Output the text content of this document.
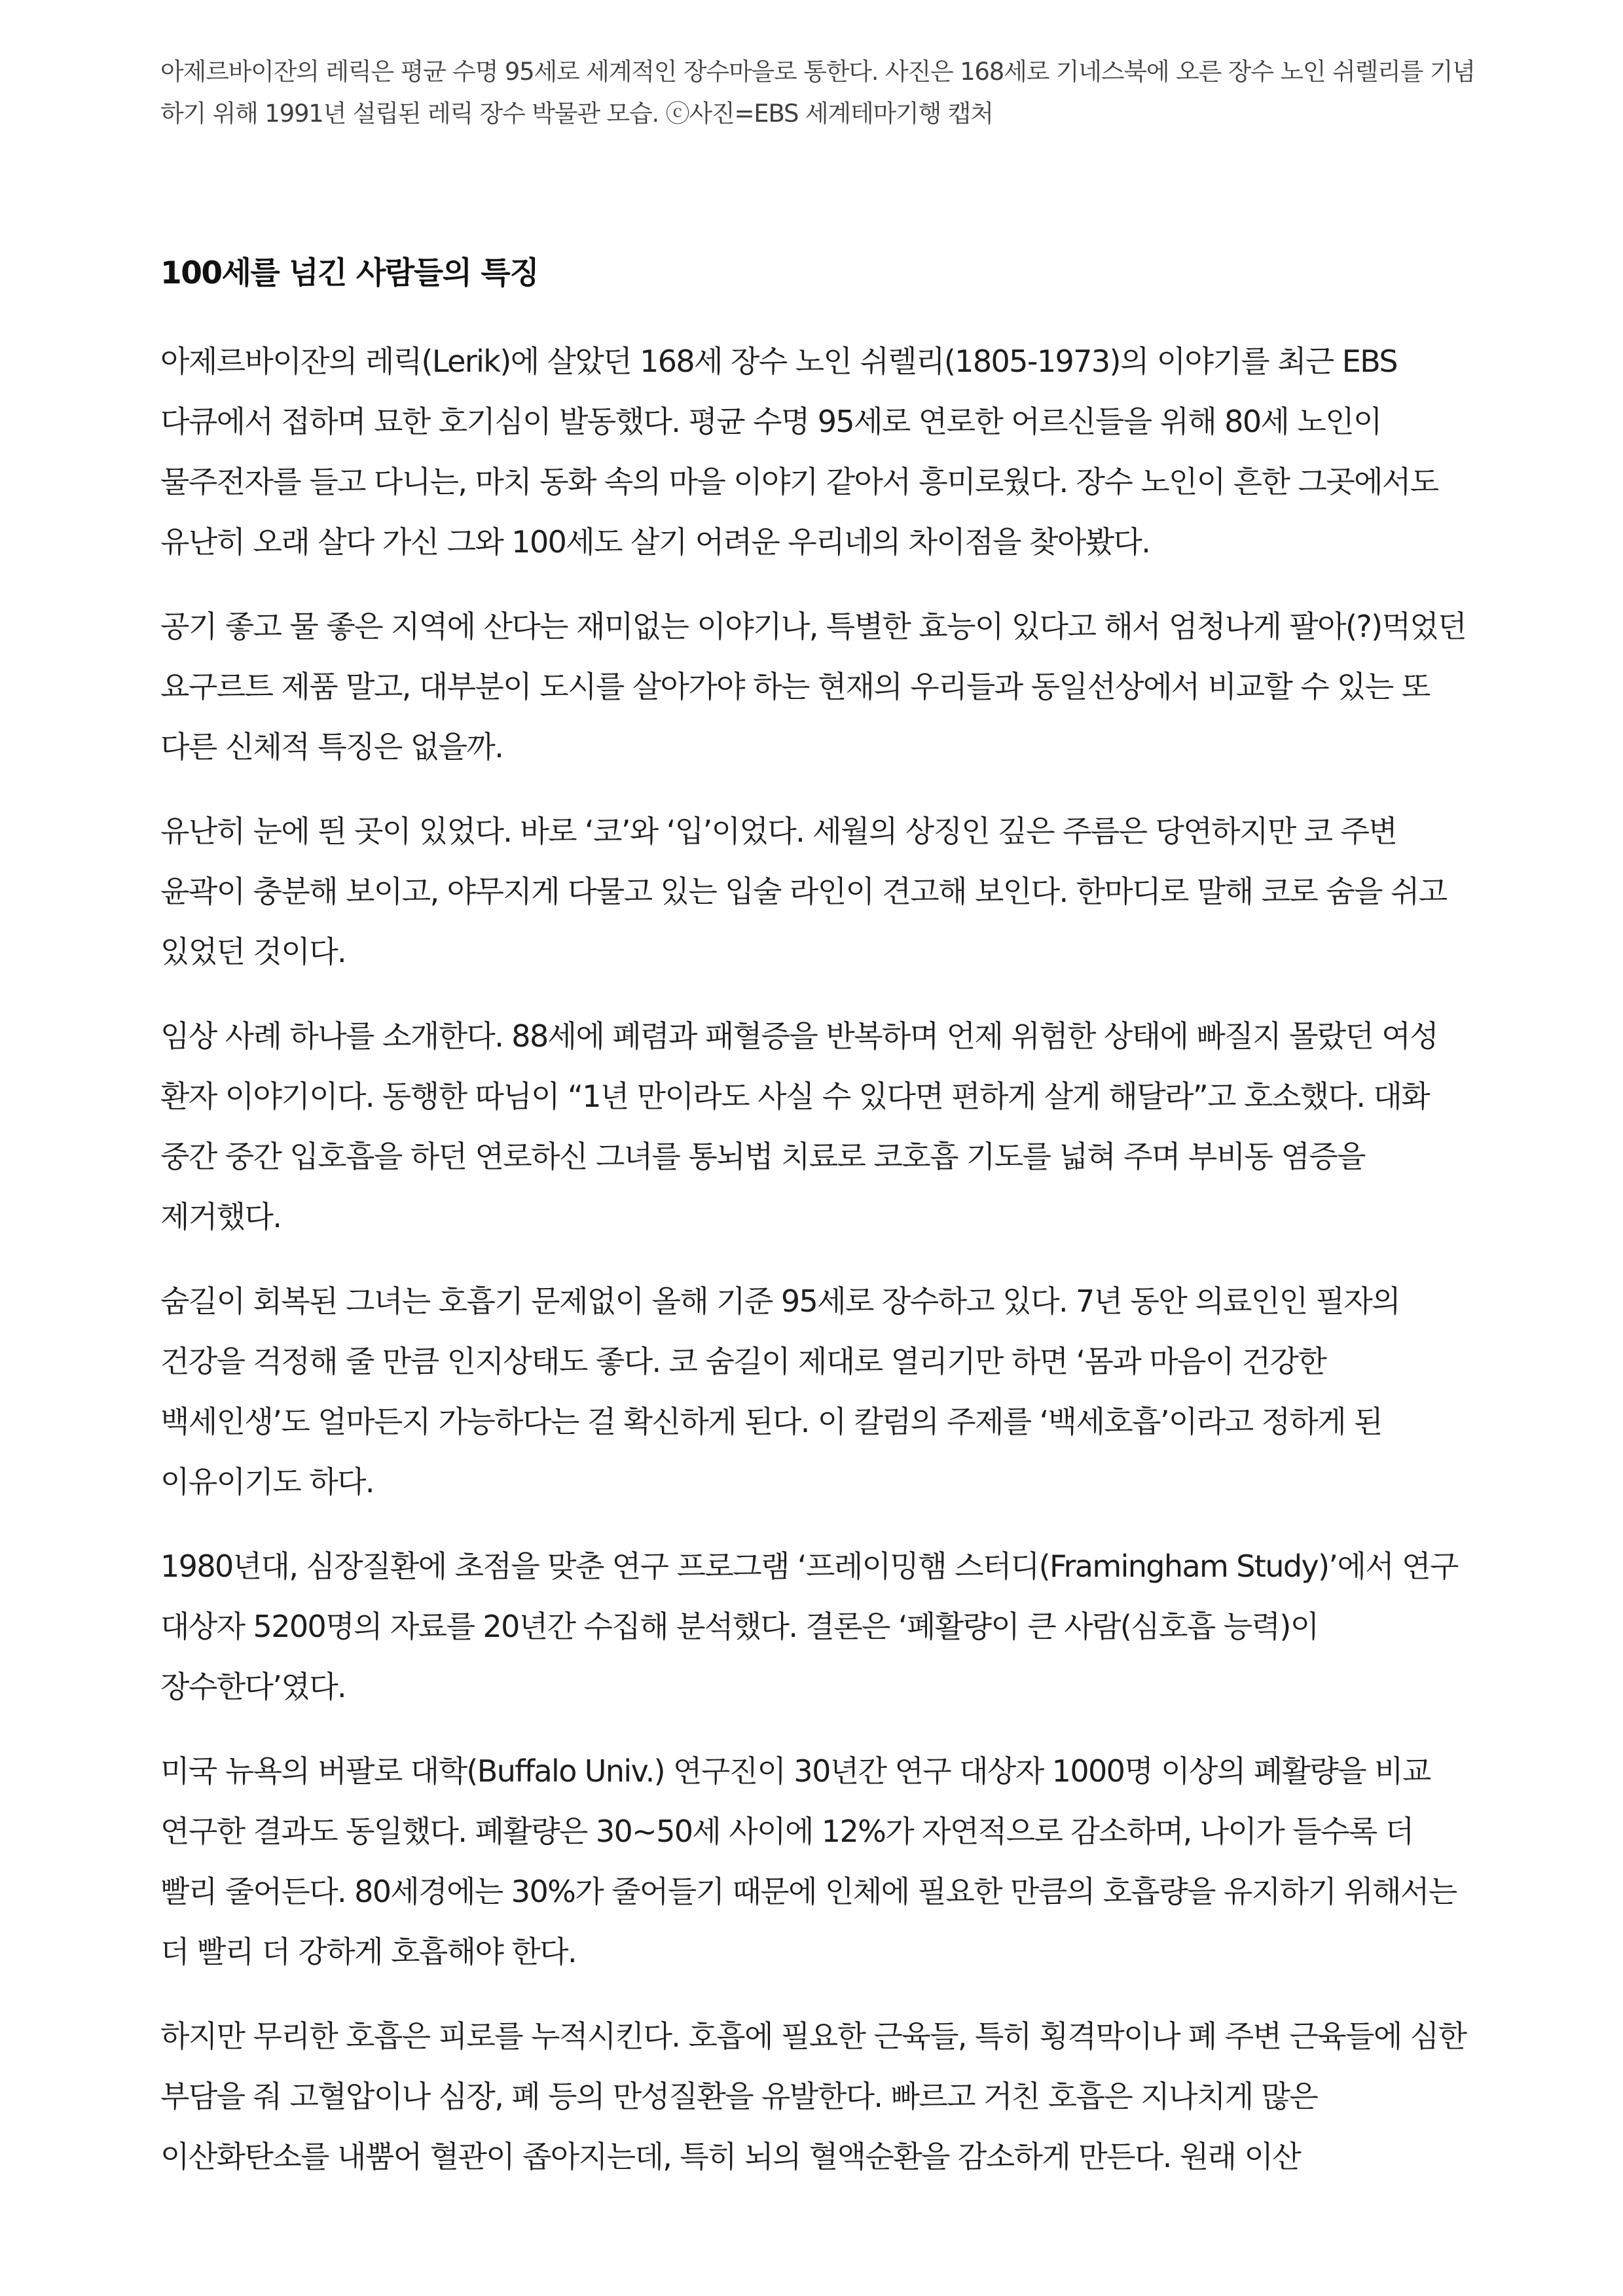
아제르바이잔의 레릭은 평균 수명 95세로 세계적인 장수마을로 통한다. 사진은 168세로 기네스북에 오른 장수 노인 쉬렐리를 기념하기 위해 1991년 설립된 레릭 장수 박물관 모습. ⓒ사진=EBS 세계테마기행 캡처

100세를 넘긴 사람들의 특징

아제르바이잔의 레릭(Lerik)에 살았던 168세 장수 노인 쉬렐리(1805-1973)의 이야기를 최근 EBS 다큐에서 접하며 묘한 호기심이 발동했다. 평균 수명 95세로 연로한 어르신들을 위해 80세 노인이 물주전자를 들고 다니는, 마치 동화 속의 마을 이야기 같아서 흥미로웠다. 장수 노인이 흔한 그곳에서도 유난히 오래 살다 가신 그와 100세도 살기 어려운 우리네의 차이점을 찾아봤다.

공기 좋고 물 좋은 지역에 산다는 재미없는 이야기나, 특별한 효능이 있다고 해서 엄청나게 팔아(?)먹었던 요구르트 제품 말고, 대부분이 도시를 살아가야 하는 현재의 우리들과 동일선상에서 비교할 수 있는 또 다른 신체적 특징은 없을까.

유난히 눈에 띈 곳이 있었다. 바로 ‘코’와 ‘입’이었다. 세월의 상징인 깊은 주름은 당연하지만 코 주변 윤곽이 충분해 보이고, 야무지게 다물고 있는 입술 라인이 견고해 보인다. 한마디로 말해 코로 숨을 쉬고 있었던 것이다.

임상 사례 하나를 소개한다. 88세에 폐렴과 패혈증을 반복하며 언제 위험한 상태에 빠질지 몰랐던 여성 환자 이야기이다. 동행한 따님이 “1년 만이라도 사실 수 있다면 편하게 살게 해달라”고 호소했다. 대화 중간 중간 입호흡을 하던 연로하신 그녀를 통뇌법 치료로 코호흡 기도를 넓혀 주며 부비동 염증을 제거했다.

숨길이 회복된 그녀는 호흡기 문제없이 올해 기준 95세로 장수하고 있다. 7년 동안 의료인인 필자의 건강을 걱정해 줄 만큼 인지상태도 좋다. 코 숨길이 제대로 열리기만 하면 ‘몸과 마음이 건강한 백세인생’도 얼마든지 가능하다는 걸 확신하게 된다. 이 칼럼의 주제를 ‘백세호흡’이라고 정하게 된 이유이기도 하다.

1980년대, 심장질환에 초점을 맞춘 연구 프로그램 ‘프레이밍햄 스터디(Framingham Study)’에서 연구 대상자 5200명의 자료를 20년간 수집해 분석했다. 결론은 ‘폐활량이 큰 사람(심호흡 능력)이 장수한다’였다.

미국 뉴욕의 버팔로 대학(Buffalo Univ.) 연구진이 30년간 연구 대상자 1000명 이상의 폐활량을 비교 연구한 결과도 동일했다. 폐활량은 30~50세 사이에 12%가 자연적으로 감소하며, 나이가 들수록 더 빨리 줄어든다. 80세경에는 30%가 줄어들기 때문에 인체에 필요한 만큼의 호흡량을 유지하기 위해서는 더 빨리 더 강하게 호흡해야 한다.

하지만 무리한 호흡은 피로를 누적시킨다. 호흡에 필요한 근육들, 특히 횡격막이나 폐 주변 근육들에 심한 부담을 줘 고혈압이나 심장, 폐 등의 만성질환을 유발한다. 빠르고 거친 호흡은 지나치게 많은 이산화탄소를 내뿜어 혈관이 좁아지는데, 특히 뇌의 혈액순환을 감소하게 만든다. 원래 이산
